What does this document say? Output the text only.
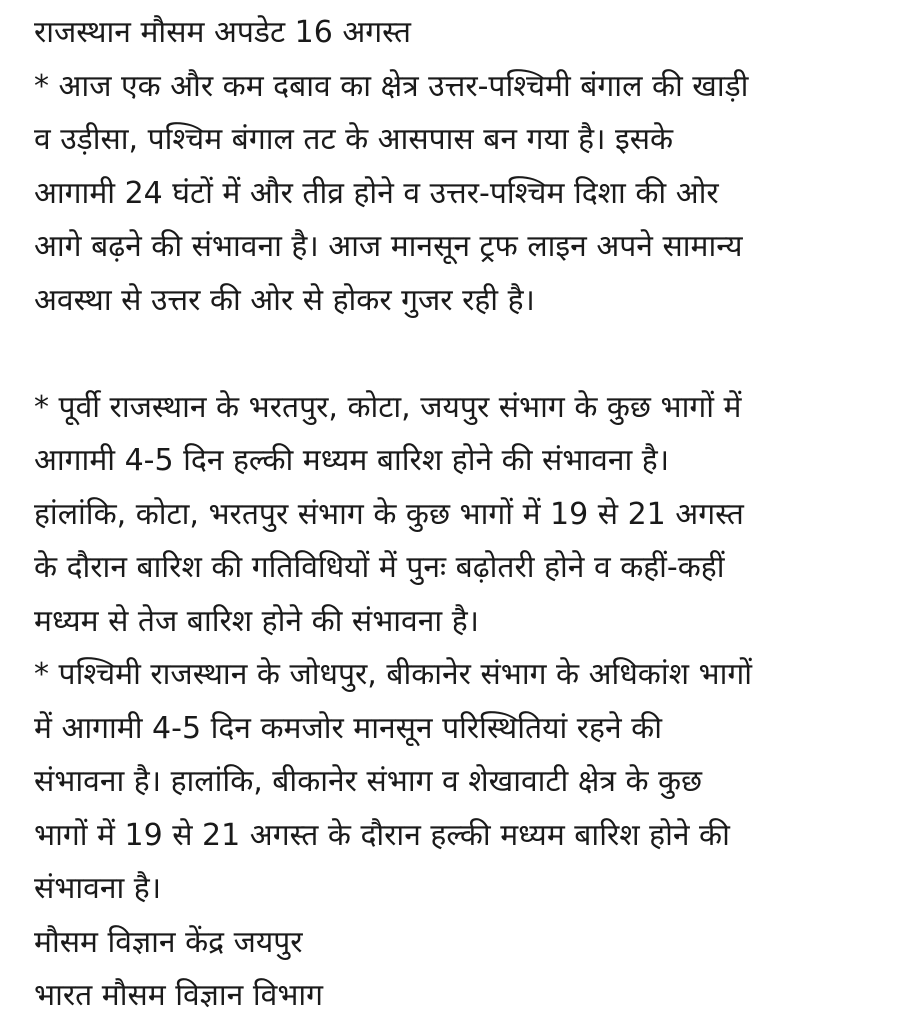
राजस्थान मौसम अपडेट 16 अगस्त
* आज एक और कम दबाव का क्षेत्र उत्तर-पश्चिमी बंगाल की खाड़ी
व उड़ीसा, पश्चिम बंगाल तट के आसपास बन गया है। इसके
आगामी 24 घंटों में और तीव्र होने व उत्तर-पश्चिम दिशा की ओर
आगे बढ़ने की संभावना है। आज मानसून ट्रफ लाइन अपने सामान्य
अवस्था से उत्तर की ओर से होकर गुजर रही है।
* पूर्वी राजस्थान के भरतपुर, कोटा, जयपुर संभाग के कुछ भागों में
आगामी 4-5 दिन हल्की मध्यम बारिश होने की संभावना है।
हांलांकि, कोटा, भरतपुर संभाग के कुछ भागों में 19 से 21 अगस्त
के दौरान बारिश की गतिविधियों में पुनः बढ़ोतरी होने व कहीं-कहीं
मध्यम से तेज बारिश होने की संभावना है।
* पश्चिमी राजस्थान के जोधपुर, बीकानेर संभाग के अधिकांश भागों
में आगामी 4-5 दिन कमजोर मानसून परिस्थितियां रहने की
संभावना है। हालांकि, बीकानेर संभाग व शेखावाटी क्षेत्र के कुछ
भागों में 19 से 21 अगस्त के दौरान हल्की मध्यम बारिश होने की
संभावना है।
मौसम विज्ञान केंद्र जयपुर
भारत मौसम विज्ञान विभाग
